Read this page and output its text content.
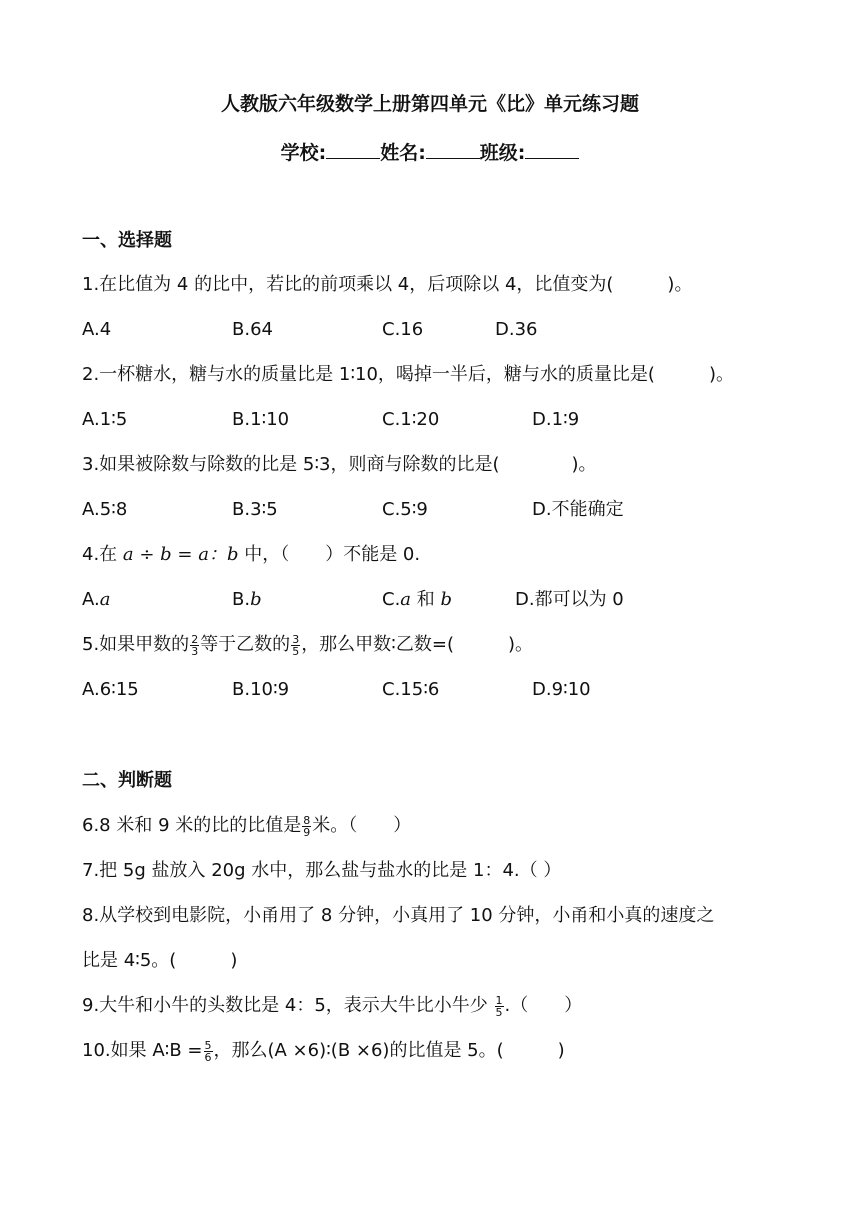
人教版六年级数学上册第四单元《比》单元练习题
学校:	姓名:	班级:
一、选择题
1.在比值为 4 的比中，若比的前项乘以 4，后项除以 4，比值变为(　　　)。
A.4	B.64	C.16	D.36
2.一杯糖水，糖与水的质量比是 1∶10，喝掉一半后，糖与水的质量比是(　　　)。
A.1∶5	B.1∶10	C.1∶20	D.1∶9
3.如果被除数与除数的比是 5∶3，则商与除数的比是(　　　　)。
A.5∶8	B.3∶5	C.5∶9	D.不能确定
4.在 a ÷ b = a：b 中，（　　）不能是 0.
A.a	B.b	C.a 和 b	D.都可以为 0
5.如果甲数的 $\frac{2}{3}$ 等于乙数的 $\frac{3}{5}$ ，那么甲数∶乙数=(　　　)。
A.6∶15	B.10∶9	C.15∶6	D.9∶10
二、判断题
6.8 米和 9 米的比的比值是 $\frac{8}{9}$ 米。（　　）
7.把 5g 盐放入 20g 水中，那么盐与盐水的比是 1：4.（ ）
8.从学校到电影院，小甬用了 8 分钟，小真用了 10 分钟，小甬和小真的速度之
比是 4∶5。(　　　)
9.大牛和小牛的头数比是 4：5，表示大牛比小牛少 $\frac{1}{5}$ .（　　）
10.如果 A∶B = $\frac{5}{6}$ ，那么(A ×6)∶(B ×6)的比值是 5。(　　　)
